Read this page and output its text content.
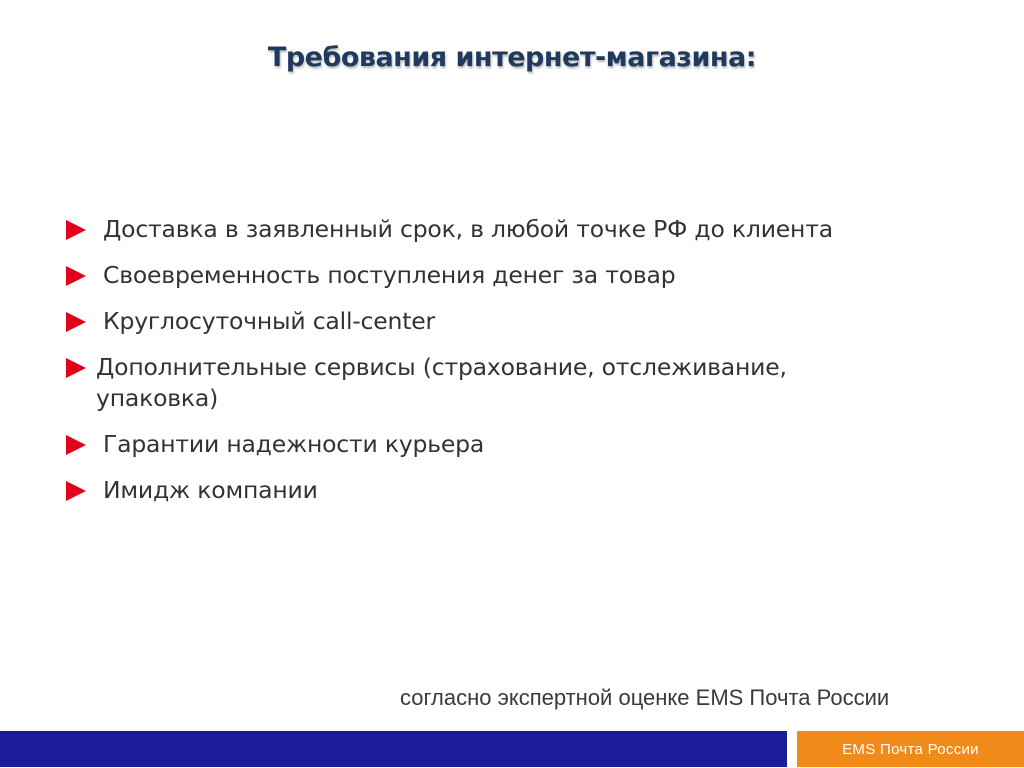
Требования интернет-магазина:
Доставка в заявленный срок, в любой точке РФ до клиента
Своевременность поступления денег за товар
Круглосуточный call-center
Дополнительные сервисы (страхование, отслеживание, упаковка)
Гарантии надежности курьера
Имидж компании
согласно экспертной оценке EMS Почта России
EMS Почта России
